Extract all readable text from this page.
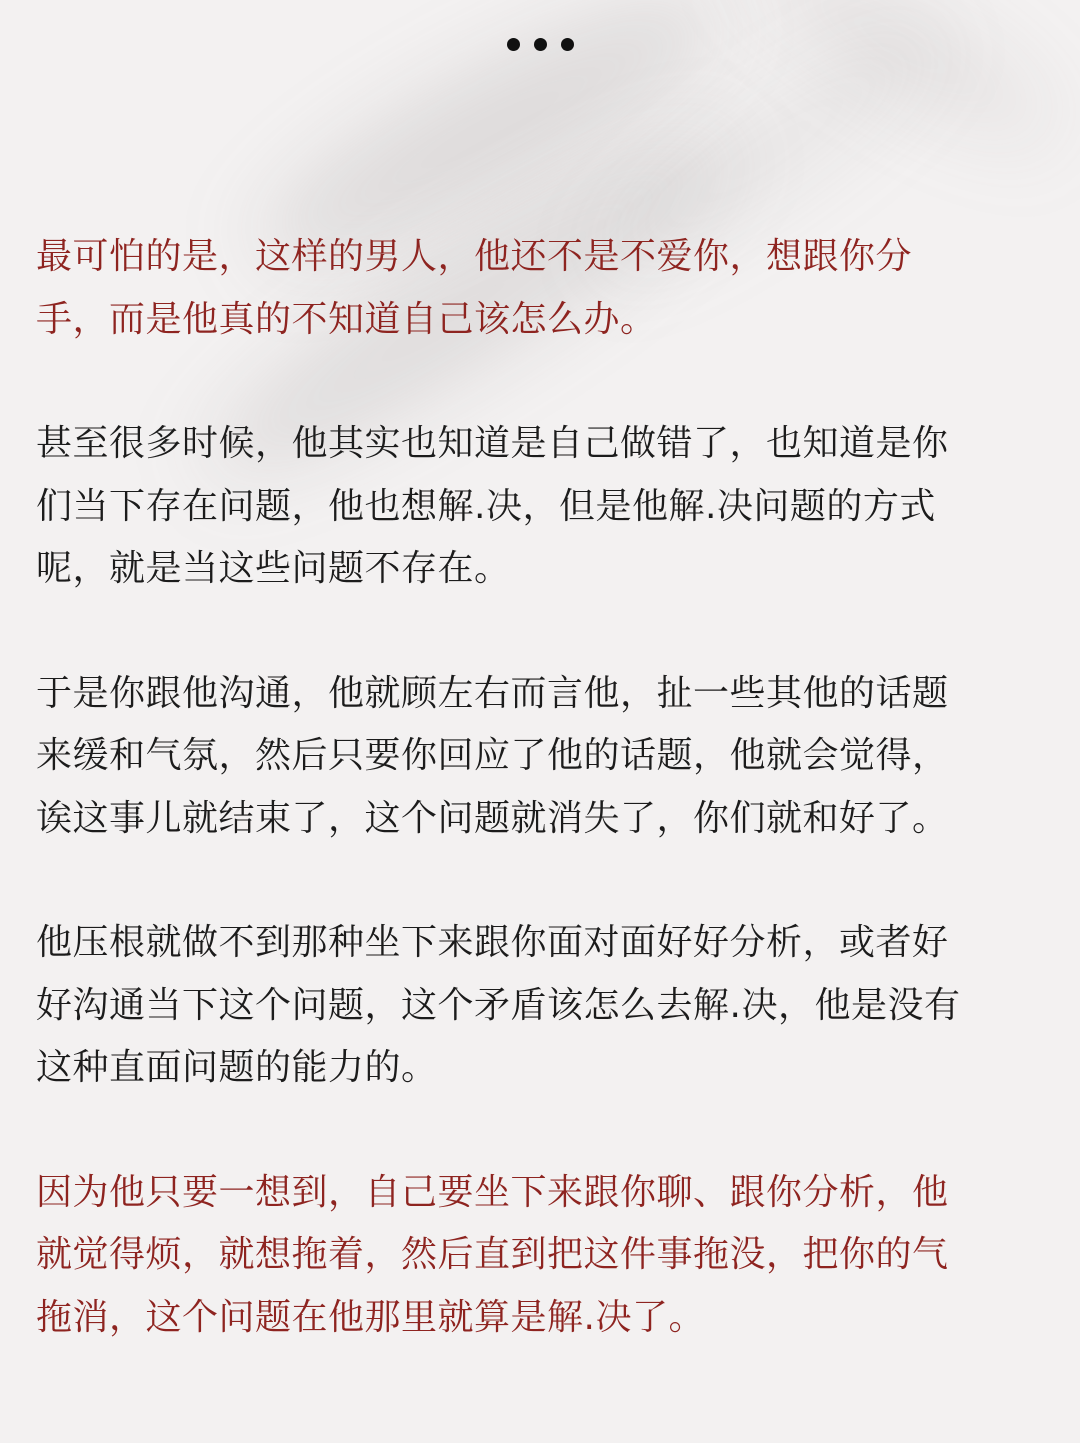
最可怕的是，这样的男人，他还不是不爱你，想跟你分
手，而是他真的不知道自己该怎么办。

甚至很多时候，他其实也知道是自己做错了，也知道是你
们当下存在问题，他也想解.决，但是他解.决问题的方式
呢，就是当这些问题不存在。

于是你跟他沟通，他就顾左右而言他，扯一些其他的话题
来缓和气氛，然后只要你回应了他的话题，他就会觉得，
诶这事儿就结束了，这个问题就消失了，你们就和好了。

他压根就做不到那种坐下来跟你面对面好好分析，或者好
好沟通当下这个问题，这个矛盾该怎么去解.决，他是没有
这种直面问题的能力的。

因为他只要一想到，自己要坐下来跟你聊、跟你分析，他
就觉得烦，就想拖着，然后直到把这件事拖没，把你的气
拖消，这个问题在他那里就算是解.决了。
